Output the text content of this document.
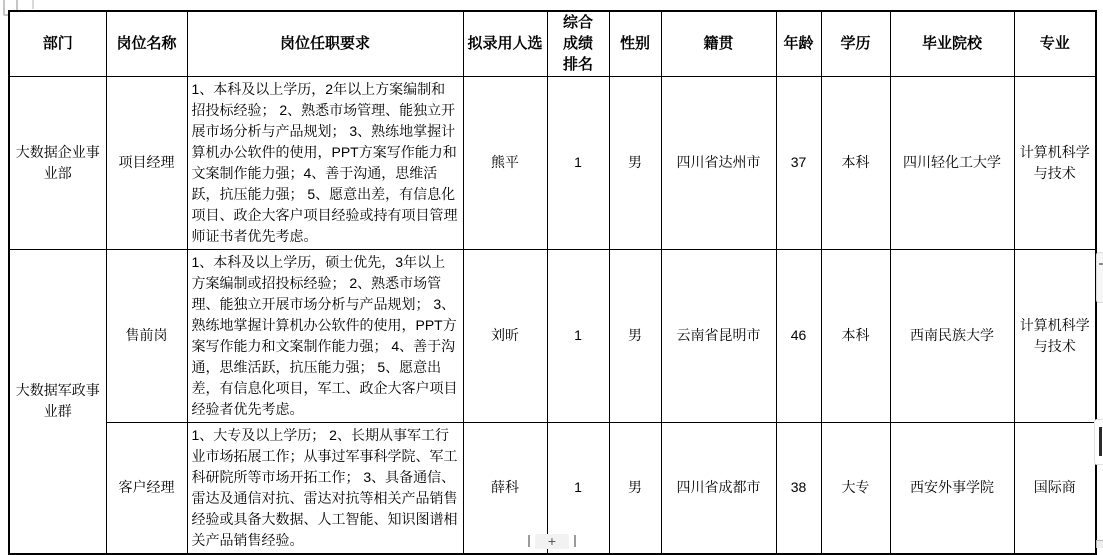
部门	岗位名称	岗位任职要求	拟录用人选	综合成绩排名	性别	籍贯	年龄	学历	毕业院校	专业
大数据企业事业部	项目经理	1、本科及以上学历，2年以上方案编制和招投标经验； 2、熟悉市场管理、能独立开展市场分析与产品规划； 3、熟练地掌握计算机办公软件的使用，PPT方案写作能力和文案制作能力强；4、善于沟通，思维活跃，抗压能力强； 5、愿意出差，有信息化项目、政企大客户项目经验或持有项目管理师证书者优先考虑。	熊平	1	男	四川省达州市	37	本科	四川轻化工大学	计算机科学与技术
大数据军政事业群	售前岗	1、本科及以上学历，硕士优先，3年以上方案编制或招投标经验； 2、熟悉市场管理、能独立开展市场分析与产品规划； 3、熟练地掌握计算机办公软件的使用，PPT方案写作能力和文案制作能力强； 4、善于沟通，思维活跃，抗压能力强； 5、愿意出差，有信息化项目，军工、政企大客户项目经验者优先考虑。	刘昕	1	男	云南省昆明市	46	本科	西南民族大学	计算机科学与技术
	客户经理	1、大专及以上学历； 2、长期从事军工行业市场拓展工作；从事过军事科学院、军工科研院所等市场开拓工作； 3、具备通信、雷达及通信对抗、雷达对抗等相关产品销售经验或具备大数据、人工智能、知识图谱相关产品销售经验。	薛科	1	男	四川省成都市	38	大专	西安外事学院	国际商
+
